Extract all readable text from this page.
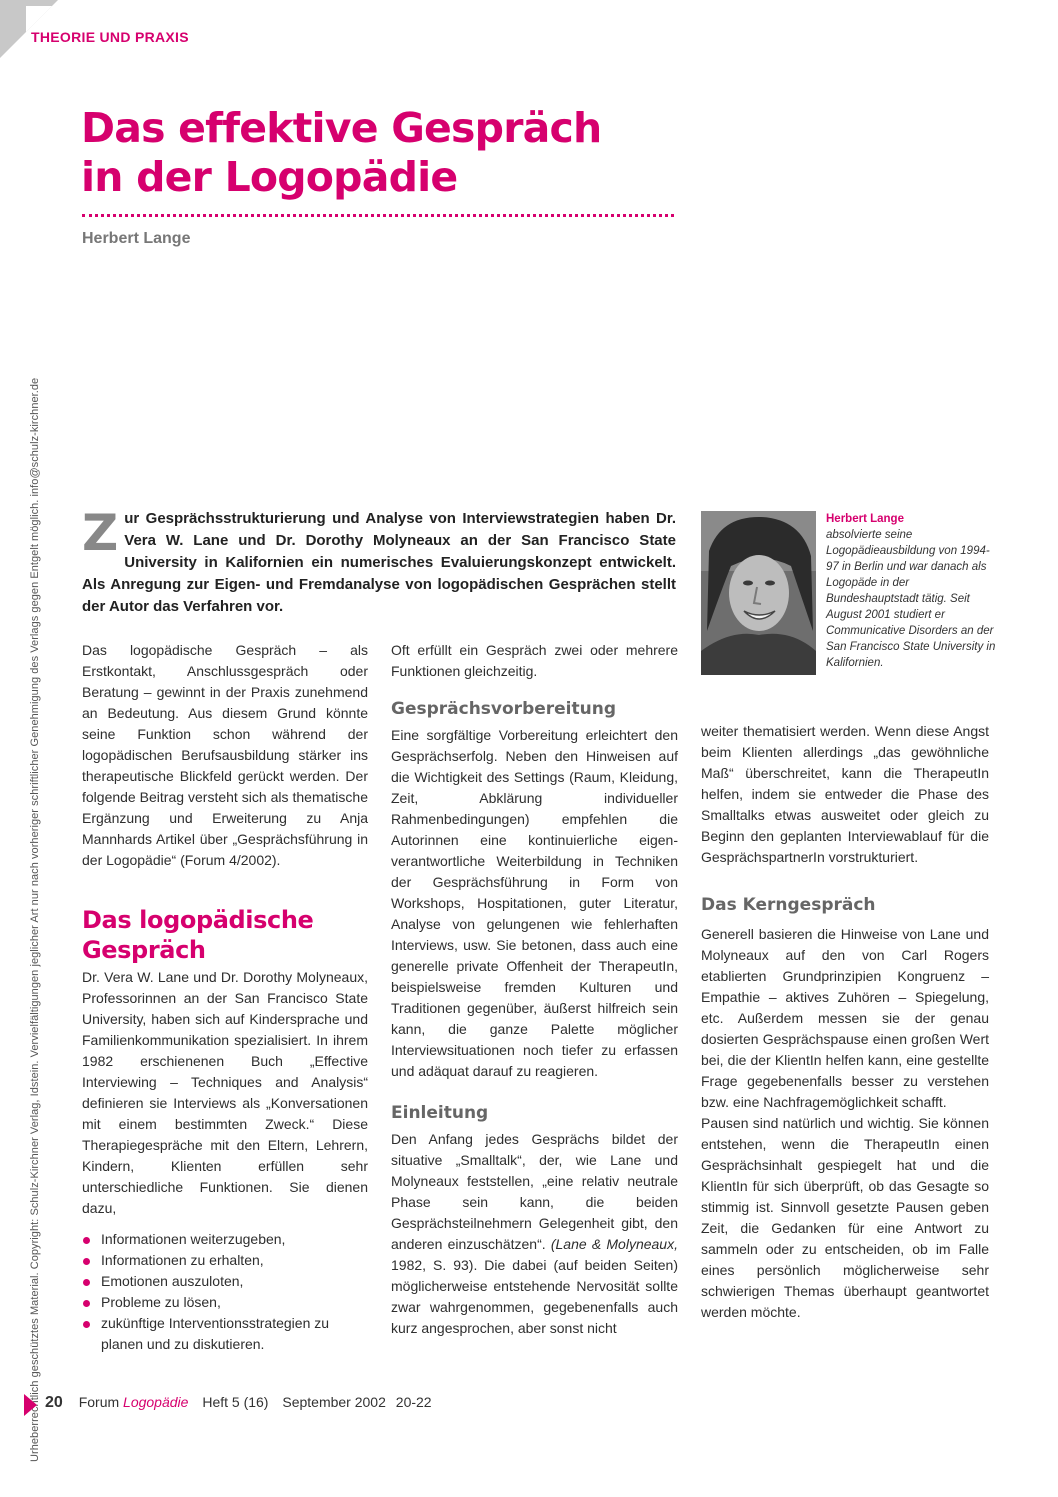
THEORIE UND PRAXIS
Urheberrechtlich geschütztes Material. Copyright: Schulz-Kirchner Verlag, Idstein. Vervielfältigungen jeglicher Art nur nach vorheriger schriftlicher Genehmigung des Verlags gegen Entgelt möglich. info@schulz-kirchner.de
Das effektive Gespräch
in der Logopädie
Herbert Lange

Zur Gesprächsstrukturierung und Analyse von Interviewstrategien haben Dr. Vera W. Lane und Dr. Dorothy Molyneaux an der San Francisco State University in Kalifornien ein numerisches Evaluierungskonzept entwickelt. Als Anregung zur Eigen- und Fremdanalyse von logopädischen Gesprächen stellt der Autor das Verfahren vor.

Herbert Lange
absolvierte seine Logopädieausbildung von 1994-97 in Berlin und war danach als Logopäde in der Bundeshauptstadt tätig. Seit August 2001 studiert er Communicative Disorders an der San Francisco State University in Kalifornien.

Das logopädische Gespräch – als Erstkontakt, Anschlussgespräch oder Beratung – gewinnt in der Praxis zunehmend an Bedeutung. Aus diesem Grund könnte seine Funktion schon während der logopädischen Berufsausbildung stärker ins therapeutische Blickfeld gerückt werden. Der folgende Beitrag versteht sich als thematische Ergänzung und Erweiterung zu Anja Mannhards Artikel über „Gesprächsführung in der Logopädie“ (Forum 4/2002).

Das logopädische Gespräch

Dr. Vera W. Lane und Dr. Dorothy Molyneaux, Professorinnen an der San Francisco State University, haben sich auf Kindersprache und Familienkommunikation spezialisiert. In ihrem 1982 erschienenen Buch „Effective Interviewing – Techniques and Analysis“ definieren sie Interviews als „Konversationen mit einem bestimmten Zweck.“ Diese Therapiegespräche mit den Eltern, Lehrern, Kindern, Klienten erfüllen sehr unterschiedliche Funktionen. Sie dienen dazu,

Informationen weiterzugeben,
Informationen zu erhalten,
Emotionen auszuloten,
Probleme zu lösen,
zukünftige Interventionsstrategien zu planen und zu diskutieren.

Oft erfüllt ein Gespräch zwei oder mehrere Funktionen gleichzeitig.

Gesprächsvorbereitung

Eine sorgfältige Vorbereitung erleichtert den Gesprächserfolg. Neben den Hinweisen auf die Wichtigkeit des Settings (Raum, Kleidung, Zeit, Abklärung individueller Rahmenbedingungen) empfehlen die Autorinnen eine kontinuierliche eigen-verantwortliche Weiterbildung in Techniken der Gesprächsführung in Form von Workshops, Hospitationen, guter Literatur, Analyse von gelungenen wie fehlerhaften Interviews, usw. Sie betonen, dass auch eine generelle private Offenheit der TherapeutIn, beispielsweise fremden Kulturen und Traditionen gegenüber, äußerst hilfreich sein kann, die ganze Palette möglicher Interviewsituationen noch tiefer zu erfassen und adäquat darauf zu reagieren.

Einleitung

Den Anfang jedes Gesprächs bildet der situative „Smalltalk“, der, wie Lane und Molyneaux feststellen, „eine relativ neutrale Phase sein kann, die beiden Gesprächsteilnehmern Gelegenheit gibt, den anderen einzuschätzen“. (Lane & Molyneaux, 1982, S. 93). Die dabei (auf beiden Seiten) möglicherweise entstehende Nervosität sollte zwar wahrgenommen, gegebenenfalls auch kurz angesprochen, aber sonst nicht

weiter thematisiert werden. Wenn diese Angst beim Klienten allerdings „das gewöhnliche Maß“ überschreitet, kann die TherapeutIn helfen, indem sie entweder die Phase des Smalltalks etwas ausweitet oder gleich zu Beginn den geplanten Interviewablauf für die GesprächspartnerIn vorstrukturiert.

Das Kerngespräch

Generell basieren die Hinweise von Lane und Molyneaux auf den von Carl Rogers etablierten Grundprinzipien Kongruenz – Empathie – aktives Zuhören – Spiegelung, etc. Außerdem messen sie der genau dosierten Gesprächspause einen großen Wert bei, die der KlientIn helfen kann, eine gestellte Frage gegebenenfalls besser zu verstehen bzw. eine Nachfragemöglichkeit schafft.

Pausen sind natürlich und wichtig. Sie können entstehen, wenn die TherapeutIn einen Gesprächsinhalt gespiegelt hat und die KlientIn für sich überprüft, ob das Gesagte so stimmig ist. Sinnvoll gesetzte Pausen geben Zeit, die Gedanken für eine Antwort zu sammeln oder zu entscheiden, ob im Falle eines persönlich möglicherweise sehr schwierigen Themas überhaupt geantwortet werden möchte.

20 Forum Logopädie Heft 5 (16) September 2002 20-22
